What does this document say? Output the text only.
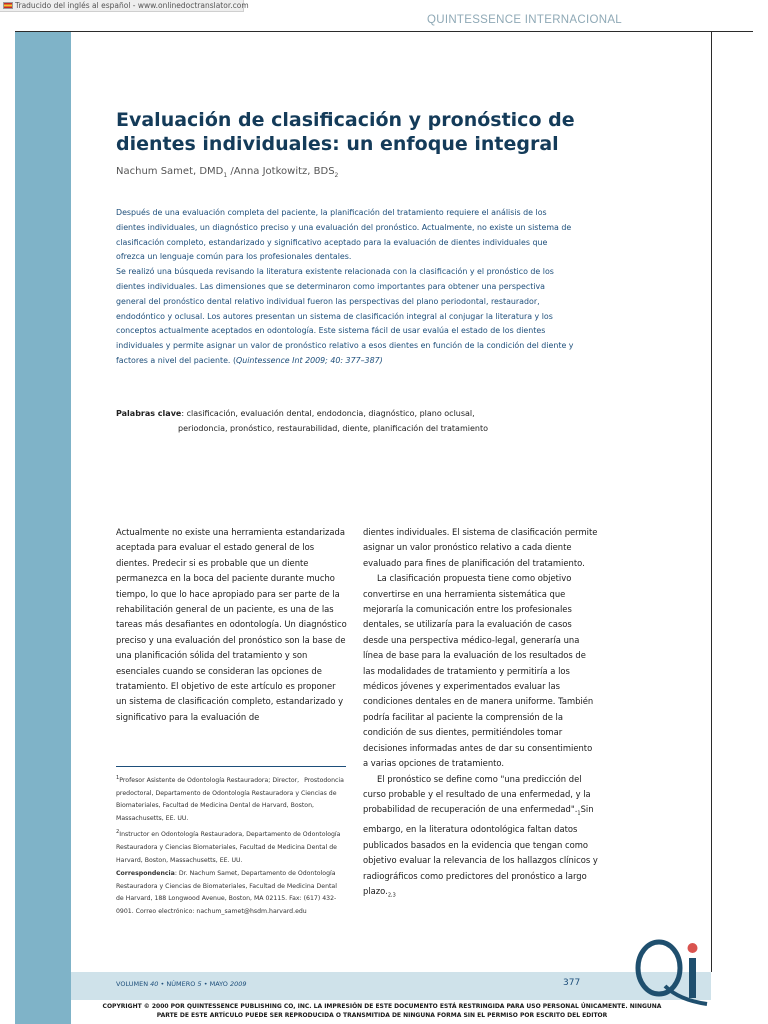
Traducido del inglés al español - www.onlinedoctranslator.com
QUINTESSENCE INTERNACIONAL
Evaluación de clasificación y pronóstico de dientes individuales: un enfoque integral
Nachum Samet, $DMD_1$ /Anna Jotkowitz, $BDS_2$

Después de una evaluación completa del paciente, la planificación del tratamiento requiere el análisis de los dientes individuales, un diagnóstico preciso y una evaluación del pronóstico. Actualmente, no existe un sistema de clasificación completo, estandarizado y significativo aceptado para la evaluación de dientes individuales que ofrezca un lenguaje común para los profesionales dentales.

Se realizó una búsqueda revisando la literatura existente relacionada con la clasificación y el pronóstico de los dientes individuales. Las dimensiones que se determinaron como importantes para obtener una perspectiva general del pronóstico dental relativo individual fueron las perspectivas del plano periodontal, restaurador, endodóntico y oclusal. Los autores presentan un sistema de clasificación integral al conjugar la literatura y los conceptos actualmente aceptados en odontología. Este sistema fácil de usar evalúa el estado de los dientes individuales y permite asignar un valor de pronóstico relativo a esos dientes en función de la condición del diente y factores a nivel del paciente. (Quintessence Int 2009; 40: 377–387)

Palabras clave: clasificación, evaluación dental, endodoncia, diagnóstico, plano oclusal,
periodoncia, pronóstico, restaurabilidad, diente, planificación del tratamiento

Actualmente no existe una herramienta estandarizada aceptada para evaluar el estado general de los dientes. Predecir si es probable que un diente permanezca en la boca del paciente durante mucho tiempo, lo que lo hace apropiado para ser parte de la rehabilitación general de un paciente, es una de las tareas más desafiantes en odontología. Un diagnóstico preciso y una evaluación del pronóstico son la base de una planificación sólida del tratamiento y son esenciales cuando se consideran las opciones de tratamiento. El objetivo de este artículo es proponer un sistema de clasificación completo, estandarizado y significativo para la evaluación de

dientes individuales. El sistema de clasificación permite asignar un valor pronóstico relativo a cada diente evaluado para fines de planificación del tratamiento.

La clasificación propuesta tiene como objetivo convertirse en una herramienta sistemática que mejoraría la comunicación entre los profesionales dentales, se utilizaría para la evaluación de casos desde una perspectiva médico-legal, generaría una línea de base para la evaluación de los resultados de las modalidades de tratamiento y permitiría a los médicos jóvenes y experimentados evaluar las condiciones dentales en de manera uniforme. También podría facilitar al paciente la comprensión de la condición de sus dientes, permitiéndoles tomar decisiones informadas antes de dar su consentimiento a varias opciones de tratamiento.

El pronóstico se define como "una predicción del curso probable y el resultado de una enfermedad, y la probabilidad de recuperación de una $enfermedad"._1Sin$ embargo, en la literatura odontológica faltan datos publicados basados en la evidencia que tengan como objetivo evaluar la relevancia de los hallazgos clínicos y radiográficos como predictores del pronóstico a largo $plazo._{2,3}$

$^1$Profesor Asistente de Odontología Restauradora; Director, Prostodoncia predoctoral, Departamento de Odontología Restauradora y Ciencias de Biomateriales, Facultad de Medicina Dental de Harvard, Boston, Massachusetts, EE. UU.

$^2$Instructor en Odontología Restauradora, Departamento de Odontología Restauradora y Ciencias Biomateriales, Facultad de Medicina Dental de Harvard, Boston, Massachusetts, EE. UU.

Correspondencia: Dr. Nachum Samet, Departamento de Odontología Restauradora y Ciencias de Biomateriales, Facultad de Medicina Dental de Harvard, 188 Longwood Avenue, Boston, MA 02115. Fax: (617) 432-0901. Correo electrónico: nachum_samet@hsdm.harvard.edu

VOLUMEN 40 • NÚMERO 5 • MAYO 2009	377
COPYRIGHT © 2000 POR QUINTESSENCE PUBLISHING CO, INC. LA IMPRESIÓN DE ESTE DOCUMENTO ESTÁ RESTRINGIDA PARA USO PERSONAL ÚNICAMENTE. NINGUNA PARTE DE ESTE ARTÍCULO PUEDE SER REPRODUCIDA O TRANSMITIDA DE NINGUNA FORMA SIN EL PERMISO POR ESCRITO DEL EDITOR
